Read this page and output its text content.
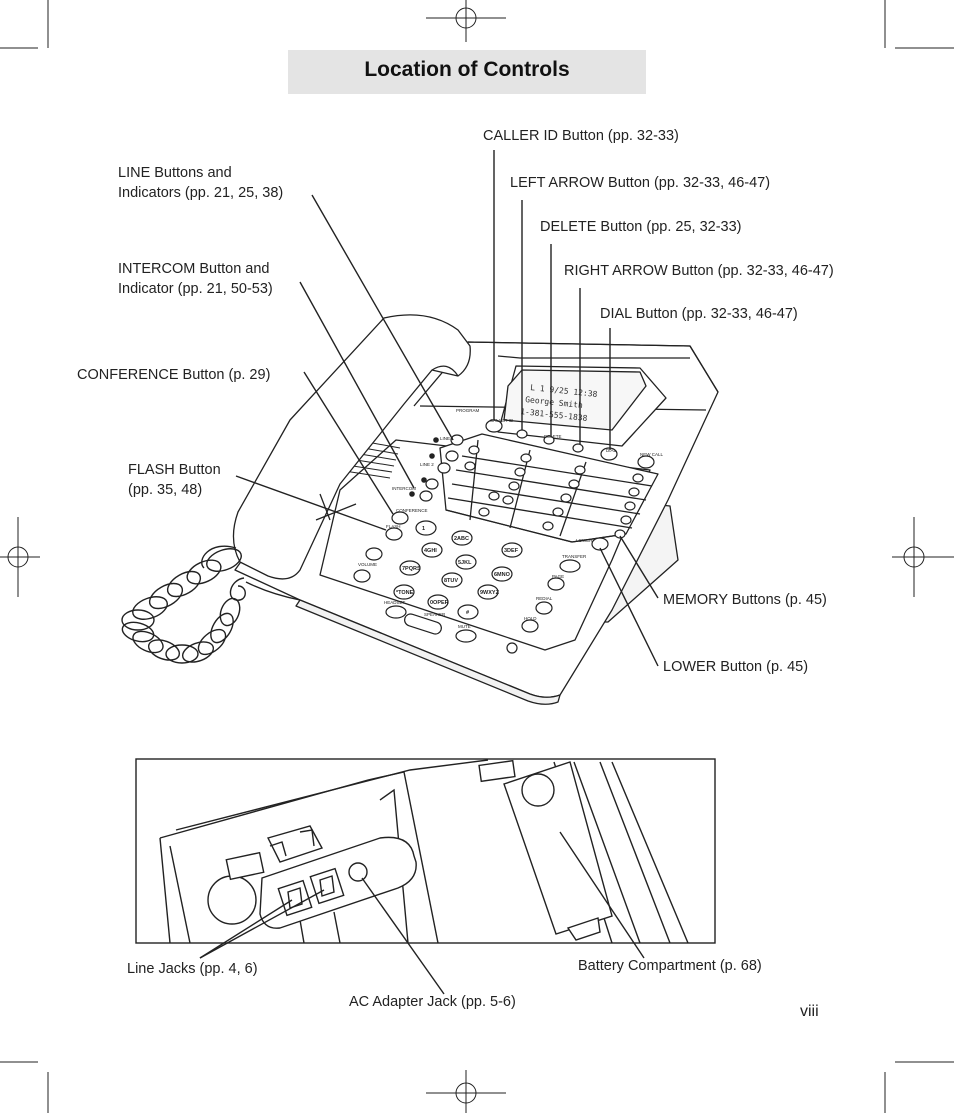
PROGRAM
CALLER ID
DELETE
DIAL
NEW CALL
LINE 1
LINE 2
INTERCOM
CONFERENCE
FLASH
VOLUME
HEADSET
SPEAKER
MUTE
TRANSFER
PAGE
REDIAL
HOLD
LOWER
1
2ABC
3DEF
4GHI
5JKL
6MNO
7PQRS
8TUV
9WXYZ
*TONE
0OPER
#
L 1 9/25 12:38
George Smith
1-381-555-1838
Location of Controls
CALLER ID Button (pp. 32-33)
LEFT ARROW Button (pp. 32-33, 46-47)
DELETE Button (pp. 25, 32-33)
RIGHT ARROW Button (pp. 32-33, 46-47)
DIAL Button (pp. 32-33, 46-47)
LINE Buttons and
Indicators (pp. 21, 25, 38)
INTERCOM Button and
Indicator (pp. 21, 50-53)
CONFERENCE Button (p. 29)
FLASH Button
(pp. 35, 48)
MEMORY Buttons (p. 45)
LOWER Button (p. 45)
Line Jacks (pp. 4, 6)
AC Adapter Jack (pp. 5-6)
Battery Compartment (p. 68)
viii
